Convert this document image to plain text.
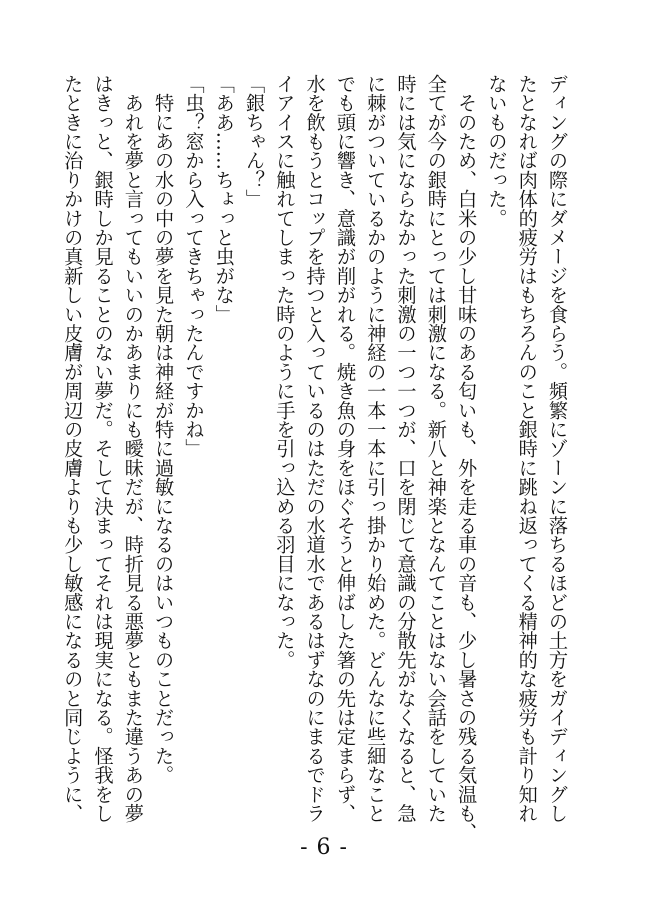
ディングの際にダメージを食らう。頻繁にゾーンに落ちるほどの土方をガイディングし
たとなれば肉体的疲労はもちろんのこと銀時に跳ね返ってくる精神的な疲労も計り知れ
ないものだった。
　そのため、白米の少し甘味のある匂いも、外を走る車の音も、少し暑さの残る気温も、
全てが今の銀時にとっては刺激になる。新八と神楽となんてことはない会話をしていた
時には気にならなかった刺激の一つ一つが、口を閉じて意識の分散先がなくなると、急
に棘がついているかのように神経の一本一本に引っ掛かり始めた。どんなに些細なこと
でも頭に響き、意識が削がれる。焼き魚の身をほぐそうと伸ばした箸の先は定まらず、
水を飲もうとコップを持つと入っているのはただの水道水であるはずなのにまるでドラ
イアイスに触れてしまった時のように手を引っ込める羽目になった。
「銀ちゃん？」
「ああ……ちょっと虫がな」
「虫？窓から入ってきちゃったんですかね」
　特にあの水の中の夢を見た朝は神経が特に過敏になるのはいつものことだった。
　あれを夢と言ってもいいのかあまりにも曖昧だが、時折見る悪夢ともまた違うあの夢
はきっと、銀時しか見ることのない夢だ。そして決まってそれは現実になる。怪我をし
たときに治りかけの真新しい皮膚が周辺の皮膚よりも少し敏感になるのと同じように、
- 6 -
